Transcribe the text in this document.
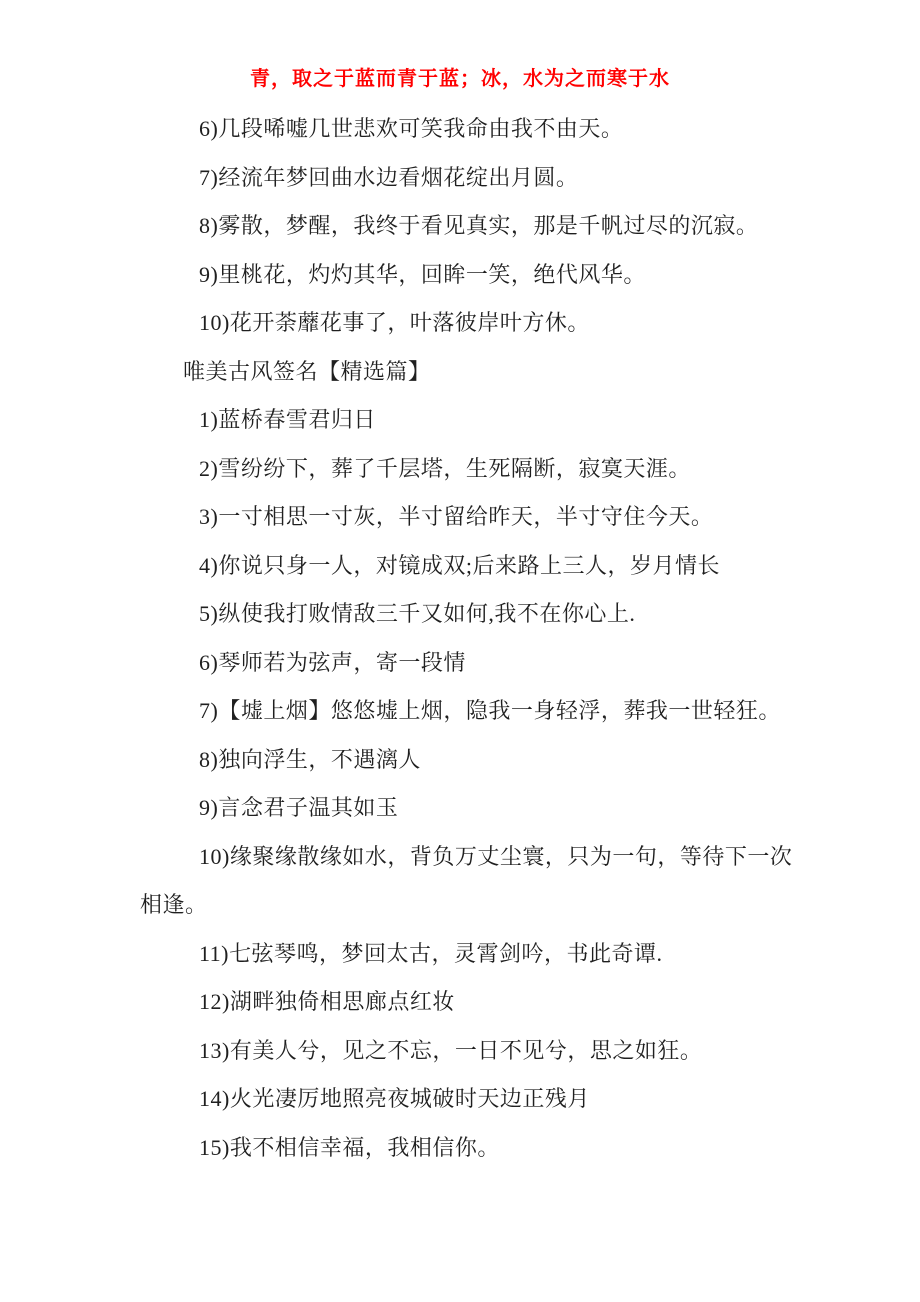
青，取之于蓝而青于蓝；冰，水为之而寒于水
6)几段唏嘘几世悲欢可笑我命由我不由天。
7)经流年梦回曲水边看烟花绽出月圆。
8)雾散，梦醒，我终于看见真实，那是千帆过尽的沉寂。
9)里桃花，灼灼其华，回眸一笑，绝代风华。
10)花开荼蘼花事了，叶落彼岸叶方休。
唯美古风签名【精选篇】
1)蓝桥春雪君归日
2)雪纷纷下，葬了千层塔，生死隔断，寂寞天涯。
3)一寸相思一寸灰，半寸留给昨天，半寸守住今天。
4)你说只身一人，对镜成双;后来路上三人，岁月情长
5)纵使我打败情敌三千又如何,我不在你心上.
6)琴师若为弦声，寄一段情
7)【墟上烟】悠悠墟上烟，隐我一身轻浮，葬我一世轻狂。
8)独向浮生，不遇漓人
9)言念君子温其如玉
10)缘聚缘散缘如水，背负万丈尘寰，只为一句，等待下一次
相逢。
11)七弦琴鸣，梦回太古，灵霄剑吟，书此奇谭.
12)湖畔独倚相思廊点红妆
13)有美人兮，见之不忘，一日不见兮，思之如狂。
14)火光凄厉地照亮夜城破时天边正残月
15)我不相信幸福，我相信你。
